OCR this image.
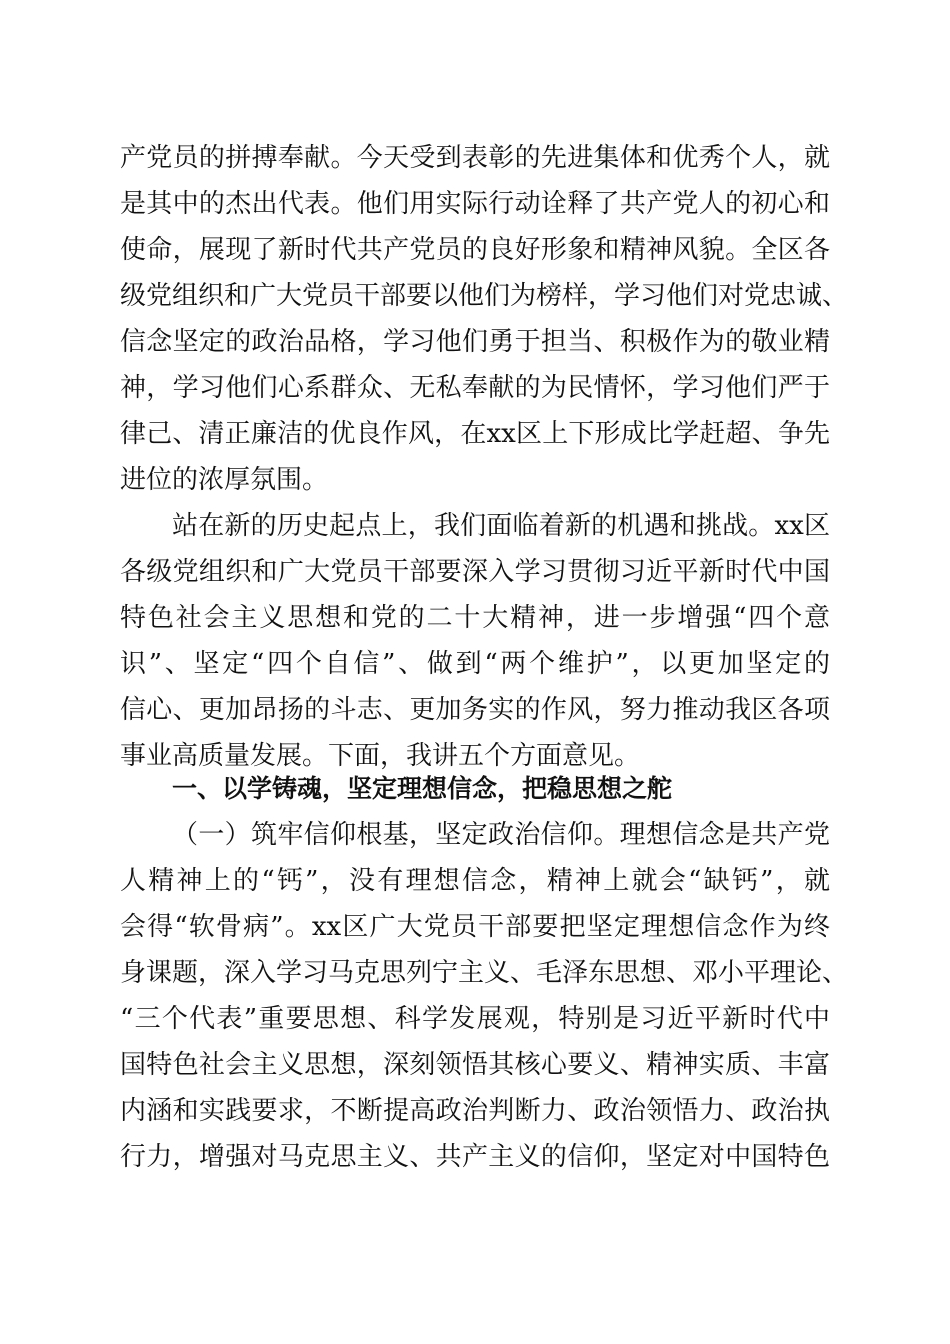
产党员的拼搏奉献。今天受到表彰的先进集体和优秀个人，就
是其中的杰出代表。他们用实际行动诠释了共产党人的初心和
使命，展现了新时代共产党员的良好形象和精神风貌。全区各
级党组织和广大党员干部要以他们为榜样，学习他们对党忠诚、
信念坚定的政治品格，学习他们勇于担当、积极作为的敬业精
神，学习他们心系群众、无私奉献的为民情怀，学习他们严于
律己、清正廉洁的优良作风，在xx区上下形成比学赶超、争先
进位的浓厚氛围。
站在新的历史起点上，我们面临着新的机遇和挑战。xx区
各级党组织和广大党员干部要深入学习贯彻习近平新时代中国
特色社会主义思想和党的二十大精神，进一步增强“四个意
识”、坚定“四个自信”、做到“两个维护”，以更加坚定的
信心、更加昂扬的斗志、更加务实的作风，努力推动我区各项
事业高质量发展。下面，我讲五个方面意见。
一、以学铸魂，坚定理想信念，把稳思想之舵
（一）筑牢信仰根基，坚定政治信仰。理想信念是共产党
人精神上的“钙”，没有理想信念，精神上就会“缺钙”，就
会得“软骨病”。xx区广大党员干部要把坚定理想信念作为终
身课题，深入学习马克思列宁主义、毛泽东思想、邓小平理论、
“三个代表”重要思想、科学发展观，特别是习近平新时代中
国特色社会主义思想，深刻领悟其核心要义、精神实质、丰富
内涵和实践要求，不断提高政治判断力、政治领悟力、政治执
行力，增强对马克思主义、共产主义的信仰，坚定对中国特色
